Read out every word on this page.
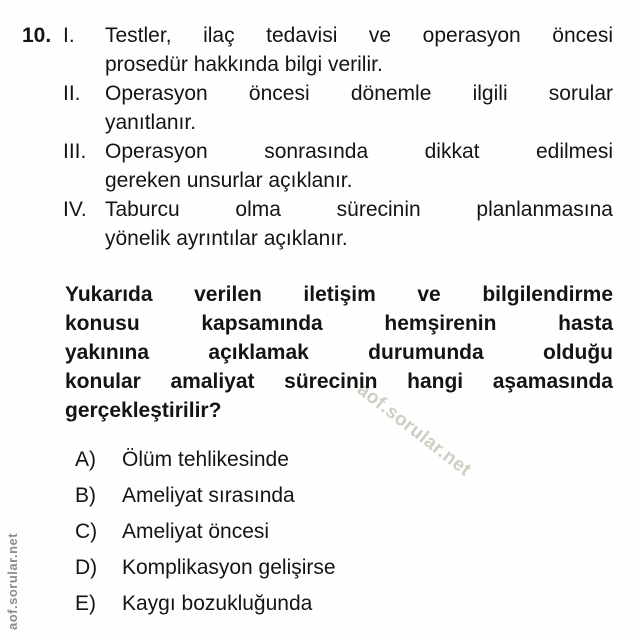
aof.sorular.net
aof.sorular.net
10. I. Testler, ilaç tedavisi ve operasyon öncesi
prosedür hakkında bilgi verilir.
II. Operasyon öncesi dönemle ilgili sorular
yanıtlanır.
III. Operasyon sonrasında dikkat edilmesi
gereken unsurlar açıklanır.
IV. Taburcu olma sürecinin planlanmasına
yönelik ayrıntılar açıklanır.
Yukarıda verilen iletişim ve bilgilendirme
konusu kapsamında hemşirenin hasta
yakınına açıklamak durumunda olduğu
konular amaliyat sürecinin hangi aşamasında
gerçekleştirilir?
A)	Ölüm tehlikesinde
B)	Ameliyat sırasında
C)	Ameliyat öncesi
D)	Komplikasyon gelişirse
E)	Kaygı bozukluğunda
